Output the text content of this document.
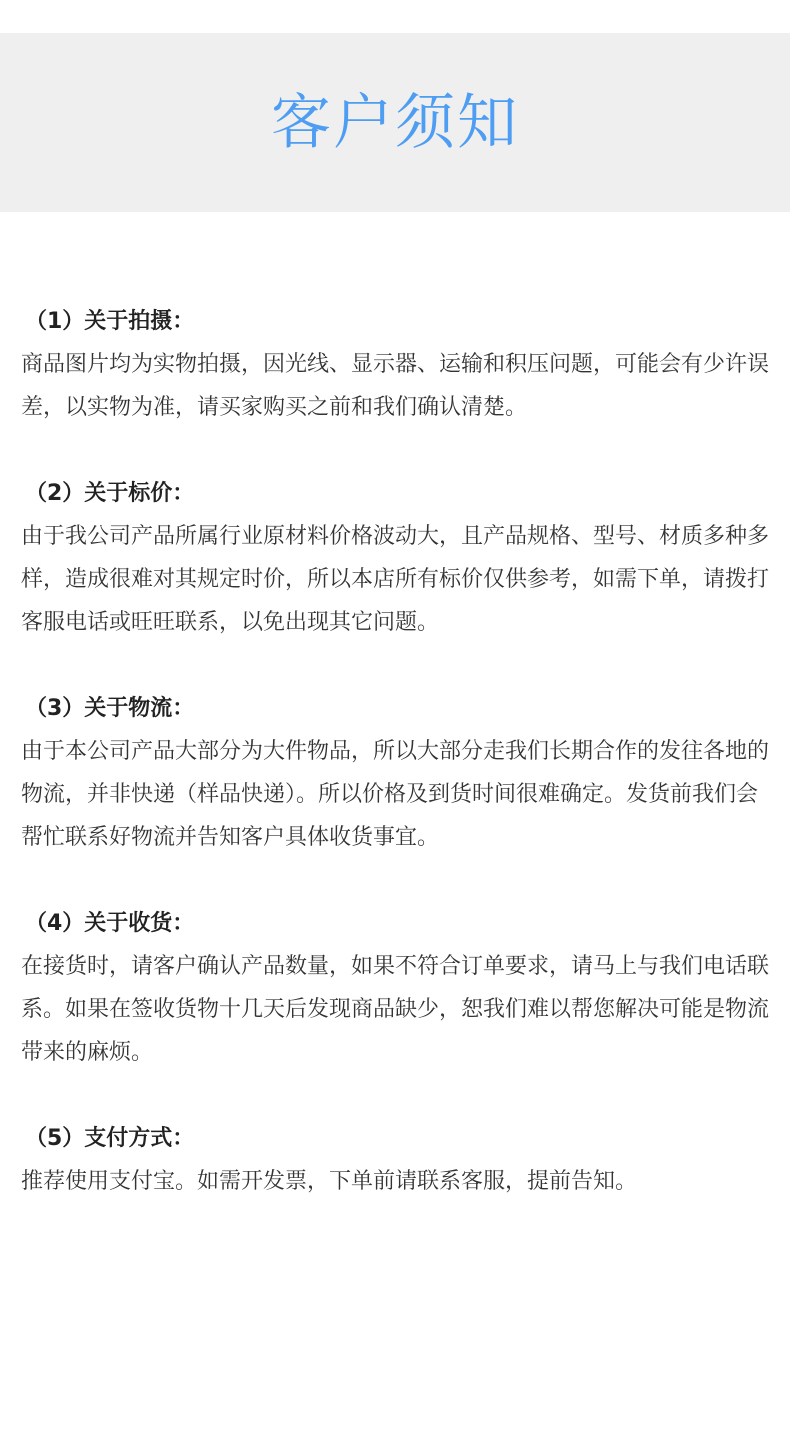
客户须知

（1）关于拍摄：

商品图片均为实物拍摄，因光线、显示器、运输和积压问题，可能会有少许误差，以实物为准，请买家购买之前和我们确认清楚。

（2）关于标价：

由于我公司产品所属行业原材料价格波动大，且产品规格、型号、材质多种多样，造成很难对其规定时价，所以本店所有标价仅供参考，如需下单，请拨打客服电话或旺旺联系，以免出现其它问题。

（3）关于物流：

由于本公司产品大部分为大件物品，所以大部分走我们长期合作的发往各地的物流，并非快递（样品快递）。所以价格及到货时间很难确定。发货前我们会帮忙联系好物流并告知客户具体收货事宜。

（4）关于收货：

在接货时，请客户确认产品数量，如果不符合订单要求，请马上与我们电话联系。如果在签收货物十几天后发现商品缺少，恕我们难以帮您解决可能是物流带来的麻烦。

（5）支付方式：

推荐使用支付宝。如需开发票，下单前请联系客服，提前告知。
